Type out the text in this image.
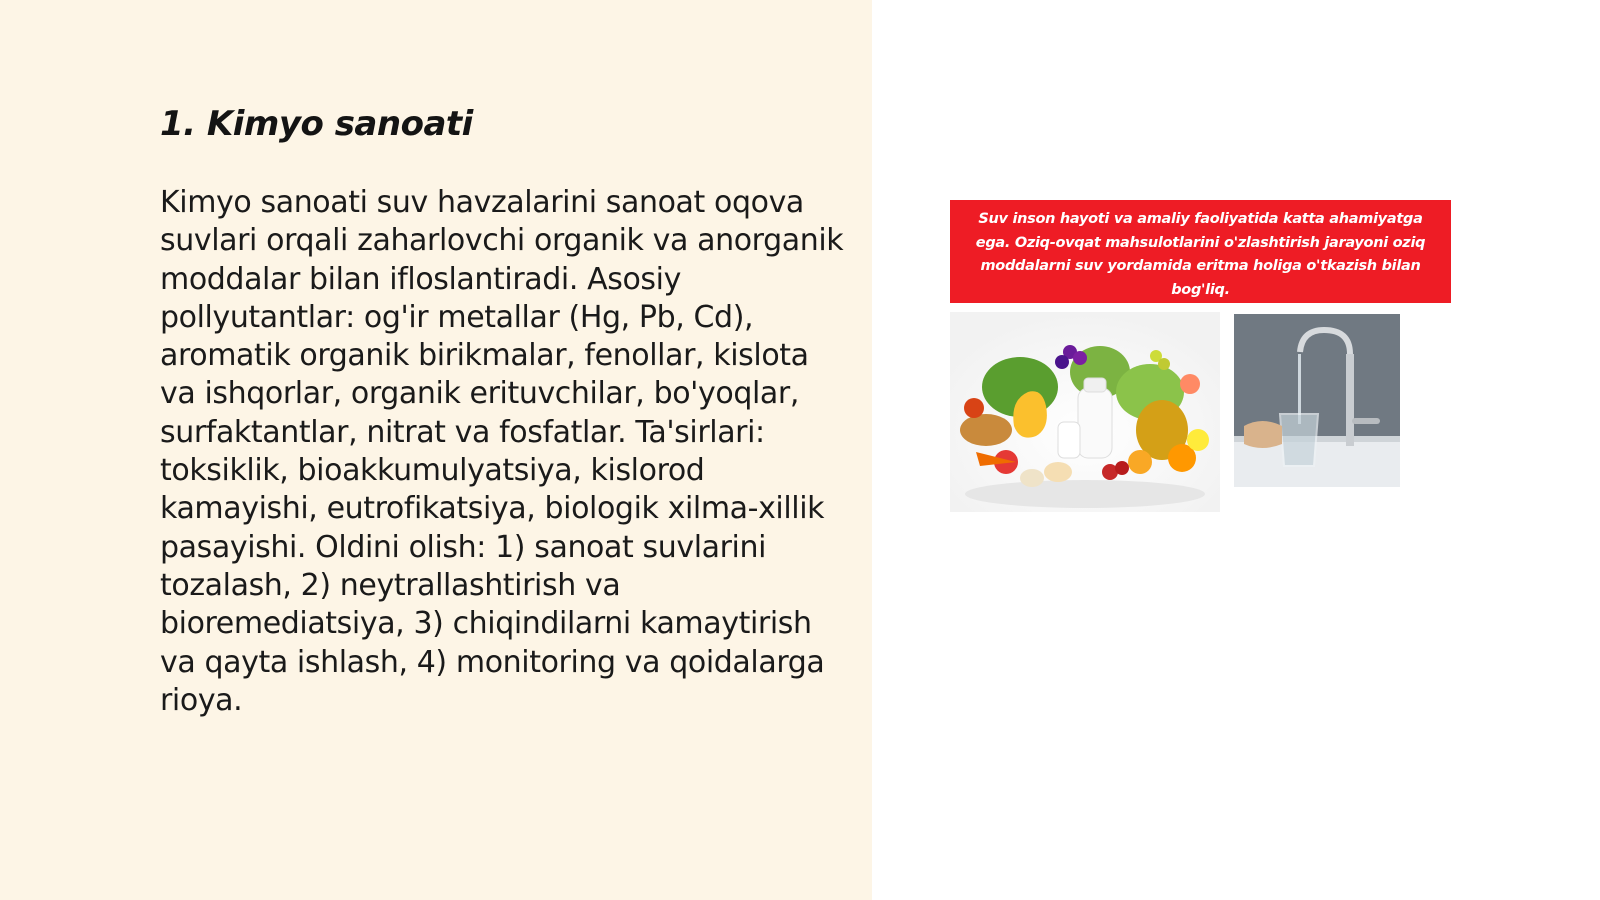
1. Kimyo sanoati

Kimyo sanoati suv havzalarini sanoat oqova suvlari orqali zaharlovchi organik va anorganik moddalar bilan ifloslantiradi. Asosiy pollyutantlar: og'ir metallar (Hg, Pb, Cd), aromatik organik birikmalar, fenollar, kislota va ishqorlar, organik erituvchilar, bo'yoqlar, surfaktantlar, nitrat va fosfatlar. Ta'sirlari: toksiklik, bioakkumulyatsiya, kislorod kamayishi, eutrofikatsiya, biologik xilma-xillik pasayishi. Oldini olish: 1) sanoat suvlarini tozalash, 2) neytrallashtirish va bioremediatsiya, 3) chiqindilarni kamaytirish va qayta ishlash, 4) monitoring va qoidalarga rioya.

Suv inson hayoti va amaliy faoliyatida katta ahamiyatga ega. Oziq-ovqat mahsulotlarini o'zlashtirish jarayoni oziq moddalarni suv yordamida eritma holiga o'tkazish bilan bog'liq.
